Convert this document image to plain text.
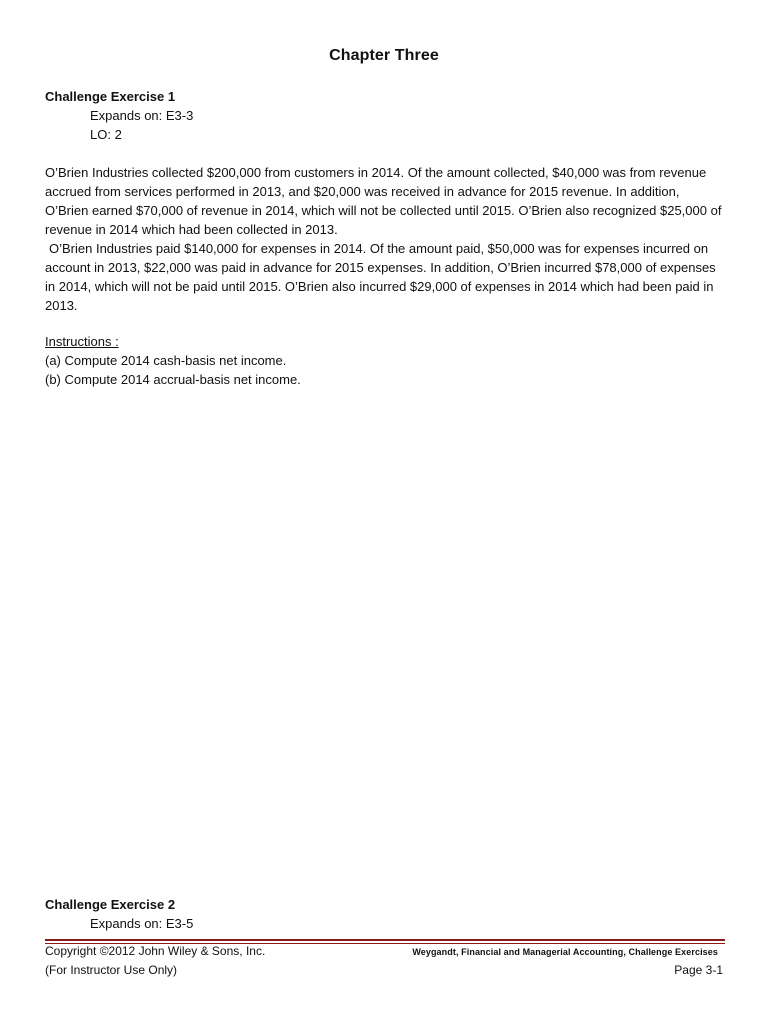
Chapter Three
Challenge Exercise 1
Expands on: E3-3
LO: 2

O’Brien Industries collected $200,000 from customers in 2014. Of the amount collected, $40,000 was from revenue accrued from services performed in 2013, and $20,000 was received in advance for 2015 revenue. In addition, O’Brien earned $70,000 of revenue in 2014, which will not be collected until 2015. O’Brien also recognized $25,000 of revenue in 2014 which had been collected in 2013.

O’Brien Industries paid $140,000 for expenses in 2014. Of the amount paid, $50,000 was for expenses incurred on account in 2013, $22,000 was paid in advance for 2015 expenses. In addition, O’Brien incurred $78,000 of expenses in 2014, which will not be paid until 2015. O’Brien also incurred $29,000 of expenses in 2014 which had been paid in 2013.

Instructions :
(a) Compute 2014 cash-basis net income.
(b) Compute 2014 accrual-basis net income.
Challenge Exercise 2
Expands on: E3-5
Copyright ©2012 John Wiley & Sons, Inc.
(For Instructor Use Only)
Weygandt, Financial and Managerial Accounting, Challenge Exercises
Page 3-1
